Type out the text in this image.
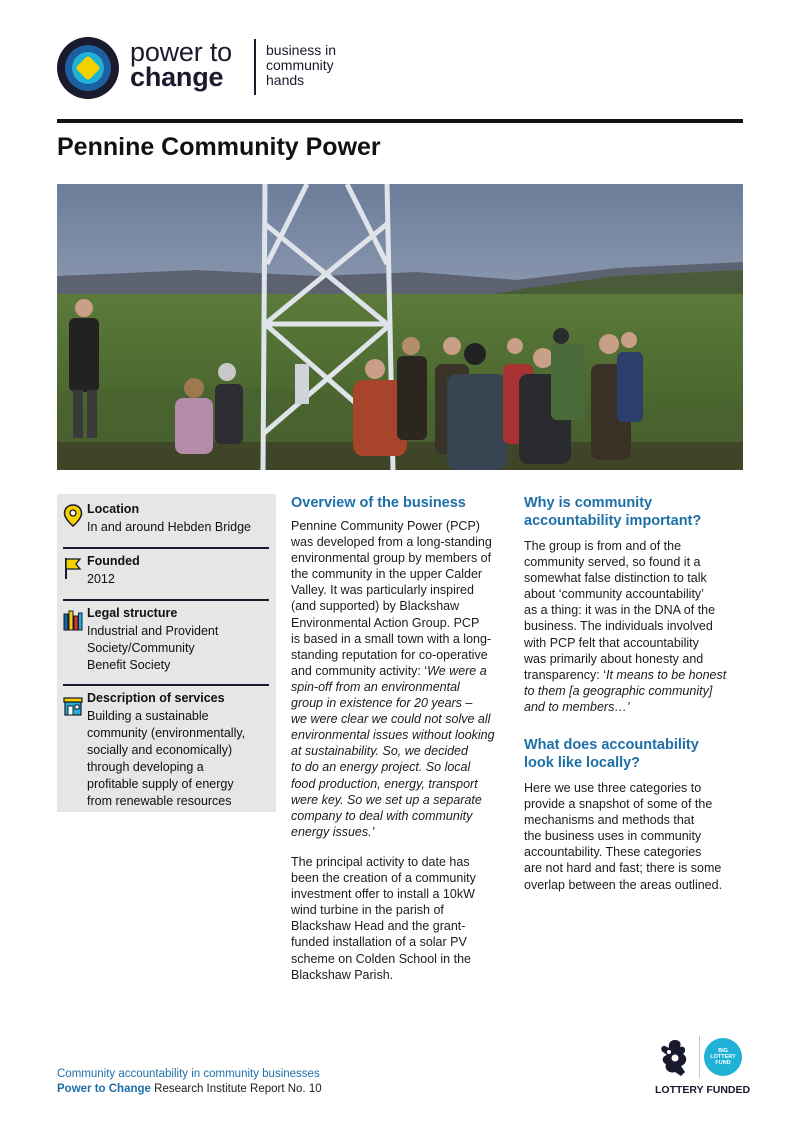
power to
change
business in
community
hands
Pennine Community Power
Location
In and around Hebden Bridge
Founded
2012
Legal structure
Industrial and Provident
Society/Community
Benefit Society
Description of services
Building a sustainable
community (environmentally,
socially and economically)
through developing a
profitable supply of energy
from renewable resources
Overview of the business
Pennine Community Power (PCP)
was developed from a long-standing
environmental group by members of
the community in the upper Calder
Valley. It was particularly inspired
(and supported) by Blackshaw
Environmental Action Group. PCP
is based in a small town with a long-
standing reputation for co-operative
and community activity: ‘We were a
spin-off from an environmental
group in existence for 20 years –
we were clear we could not solve all
environmental issues without looking
at sustainability. So, we decided
to do an energy project. So local
food production, energy, transport
were key. So we set up a separate
company to deal with community
energy issues.’
The principal activity to date has
been the creation of a community
investment offer to install a 10kW
wind turbine in the parish of
Blackshaw Head and the grant-
funded installation of a solar PV
scheme on Colden School in the
Blackshaw Parish.
Why is community
accountability important?
The group is from and of the
community served, so found it a
somewhat false distinction to talk
about ‘community accountability’
as a thing: it was in the DNA of the
business. The individuals involved
with PCP felt that accountability
was primarily about honesty and
transparency: ‘It means to be honest
to them [a geographic community]
and to members…’
What does accountability
look like locally?
Here we use three categories to
provide a snapshot of some of the
mechanisms and methods that
the business uses in community
accountability. These categories
are not hard and fast; there is some
overlap between the areas outlined.
Community accountability in community businesses
Power to Change Research Institute Report No. 10
BIG
LOTTERY
FUND
LOTTERY FUNDED
